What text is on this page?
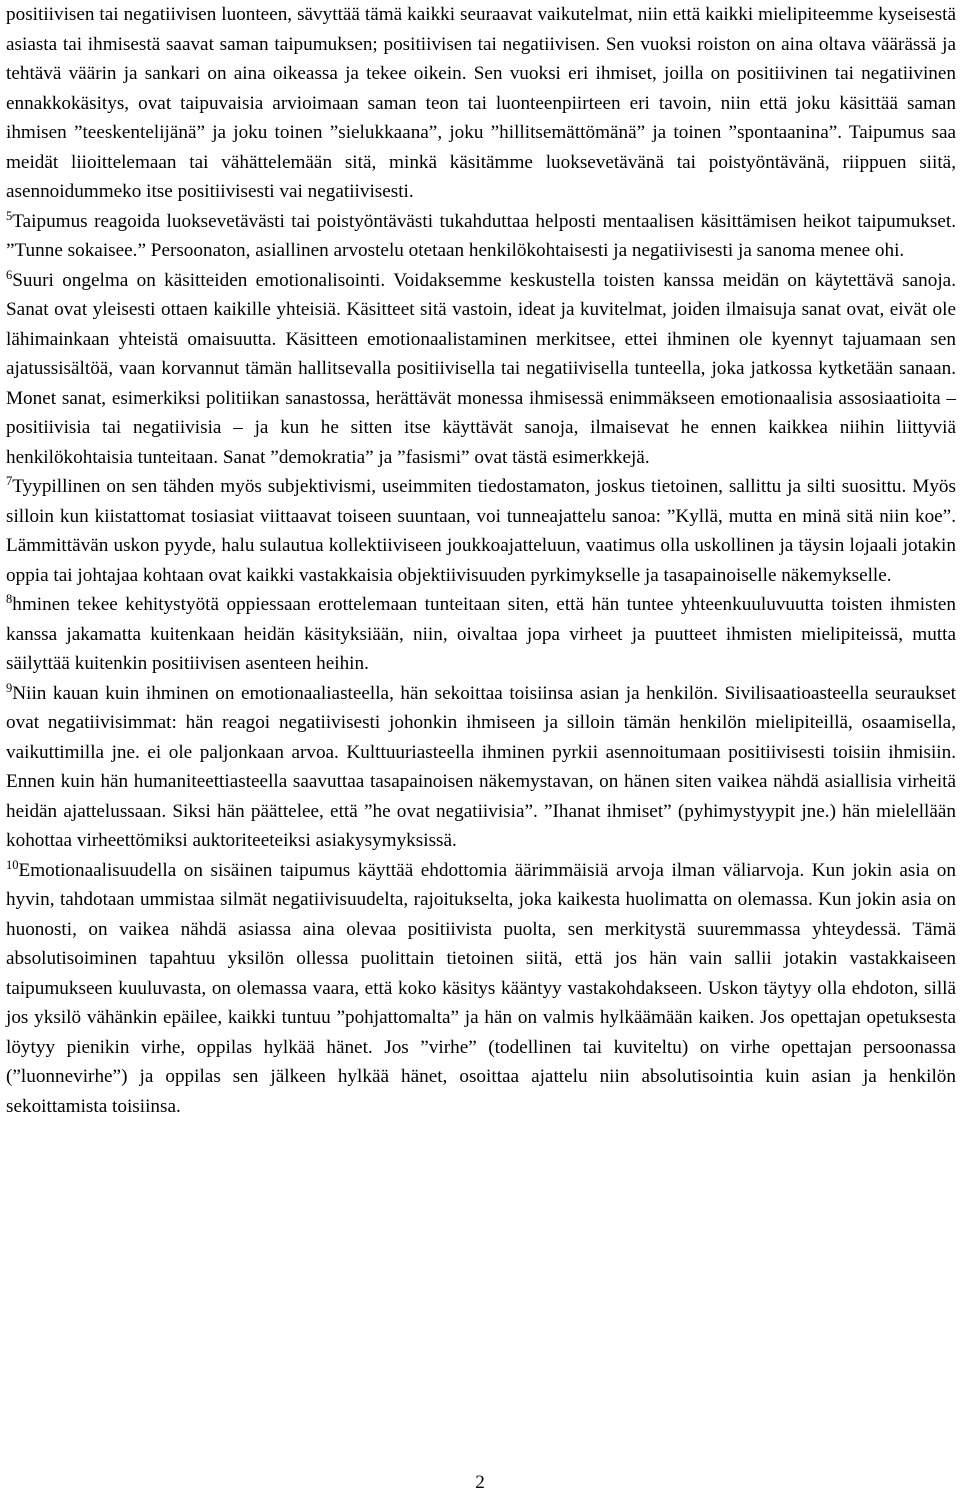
positiivisen tai negatiivisen luonteen, sävyttää tämä kaikki seuraavat vaikutelmat, niin että kaikki mielipiteemme kyseisestä asiasta tai ihmisestä saavat saman taipumuksen; positiivisen tai negatiivisen. Sen vuoksi roiston on aina oltava väärässä ja tehtävä väärin ja sankari on aina oikeassa ja tekee oikein. Sen vuoksi eri ihmiset, joilla on positiivinen tai negatiivinen ennakkokäsitys, ovat taipuvaisia arvioimaan saman teon tai luonteenpiirteen eri tavoin, niin että joku käsittää saman ihmisen ”teeskentelijänä” ja joku toinen ”sielukkaana”, joku ”hillitsemättömänä” ja toinen ”spontaanina”. Taipumus saa meidät liioittelemaan tai vähättelemään sitä, minkä käsitämme luoksevetävänä tai poistyöntävänä, riippuen siitä, asennoidummeko itse positiivisesti vai negatiivisesti.

$^5$Taipumus reagoida luoksevetävästi tai poistyöntävästi tukahduttaa helposti mentaalisen käsittämisen heikot taipumukset. ”Tunne sokaisee.” Persoonaton, asiallinen arvostelu otetaan henkilökohtaisesti ja negatiivisesti ja sanoma menee ohi.

$^6$Suuri ongelma on käsitteiden emotionalisointi. Voidaksemme keskustella toisten kanssa meidän on käytettävä sanoja. Sanat ovat yleisesti ottaen kaikille yhteisiä. Käsitteet sitä vastoin, ideat ja kuvitelmat, joiden ilmaisuja sanat ovat, eivät ole lähimainkaan yhteistä omaisuutta. Käsitteen emotionaalistaminen merkitsee, ettei ihminen ole kyennyt tajuamaan sen ajatussisältöä, vaan korvannut tämän hallitsevalla positiivisella tai negatiivisella tunteella, joka jatkossa kytketään sanaan. Monet sanat, esimerkiksi politiikan sanastossa, herättävät monessa ihmisessä enimmäkseen emotionaalisia assosiaatioita – positiivisia tai negatiivisia – ja kun he sitten itse käyttävät sanoja, ilmaisevat he ennen kaikkea niihin liittyviä henkilökohtaisia tunteitaan. Sanat ”demokratia” ja ”fasismi” ovat tästä esimerkkejä.

$^7$Tyypillinen on sen tähden myös subjektivismi, useimmiten tiedostamaton, joskus tietoinen, sallittu ja silti suosittu. Myös silloin kun kiistattomat tosiasiat viittaavat toiseen suuntaan, voi tunneajattelu sanoa: ”Kyllä, mutta en minä sitä niin koe”. Lämmittävän uskon pyyde, halu sulautua kollektiiviseen joukkoajatteluun, vaatimus olla uskollinen ja täysin lojaali jotakin oppia tai johtajaa kohtaan ovat kaikki vastakkaisia objektiivisuuden pyrkimykselle ja tasapainoiselle näkemykselle.

$^8$hminen tekee kehitystyötä oppiessaan erottelemaan tunteitaan siten, että hän tuntee yhteenkuuluvuutta toisten ihmisten kanssa jakamatta kuitenkaan heidän käsityksiään, niin, oivaltaa jopa virheet ja puutteet ihmisten mielipiteissä, mutta säilyttää kuitenkin positiivisen asenteen heihin.

$^9$Niin kauan kuin ihminen on emotionaaliasteella, hän sekoittaa toisiinsa asian ja henkilön. Sivilisaatioasteella seuraukset ovat negatiivisimmat: hän reagoi negatiivisesti johonkin ihmiseen ja silloin tämän henkilön mielipiteillä, osaamisella, vaikuttimilla jne. ei ole paljonkaan arvoa. Kulttuuriasteella ihminen pyrkii asennoitumaan positiivisesti toisiin ihmisiin. Ennen kuin hän humaniteettiasteella saavuttaa tasapainoisen näkemystavan, on hänen siten vaikea nähdä asiallisia virheitä heidän ajattelussaan. Siksi hän päättelee, että ”he ovat negatiivisia”. ”Ihanat ihmiset” (pyhimystyypit jne.) hän mielellään kohottaa virheettömiksi auktoriteeteiksi asiakysymyksissä.

$^{10}$Emotionaalisuudella on sisäinen taipumus käyttää ehdottomia äärimmäisiä arvoja ilman väliarvoja. Kun jokin asia on hyvin, tahdotaan ummistaa silmät negatiivisuudelta, rajoitukselta, joka kaikesta huolimatta on olemassa. Kun jokin asia on huonosti, on vaikea nähdä asiassa aina olevaa positiivista puolta, sen merkitystä suuremmassa yhteydessä. Tämä absolutisoiminen tapahtuu yksilön ollessa puolittain tietoinen siitä, että jos hän vain sallii jotakin vastakkaiseen taipumukseen kuuluvasta, on olemassa vaara, että koko käsitys kääntyy vastakohdakseen. Uskon täytyy olla ehdoton, sillä jos yksilö vähänkin epäilee, kaikki tuntuu ”pohjattomalta” ja hän on valmis hylkäämään kaiken. Jos opettajan opetuksesta löytyy pienikin virhe, oppilas hylkää hänet. Jos ”virhe” (todellinen tai kuviteltu) on virhe opettajan persoonassa (”luonnevirhe”) ja oppilas sen jälkeen hylkää hänet, osoittaa ajattelu niin absolutisointia kuin asian ja henkilön sekoittamista toisiinsa.

2
